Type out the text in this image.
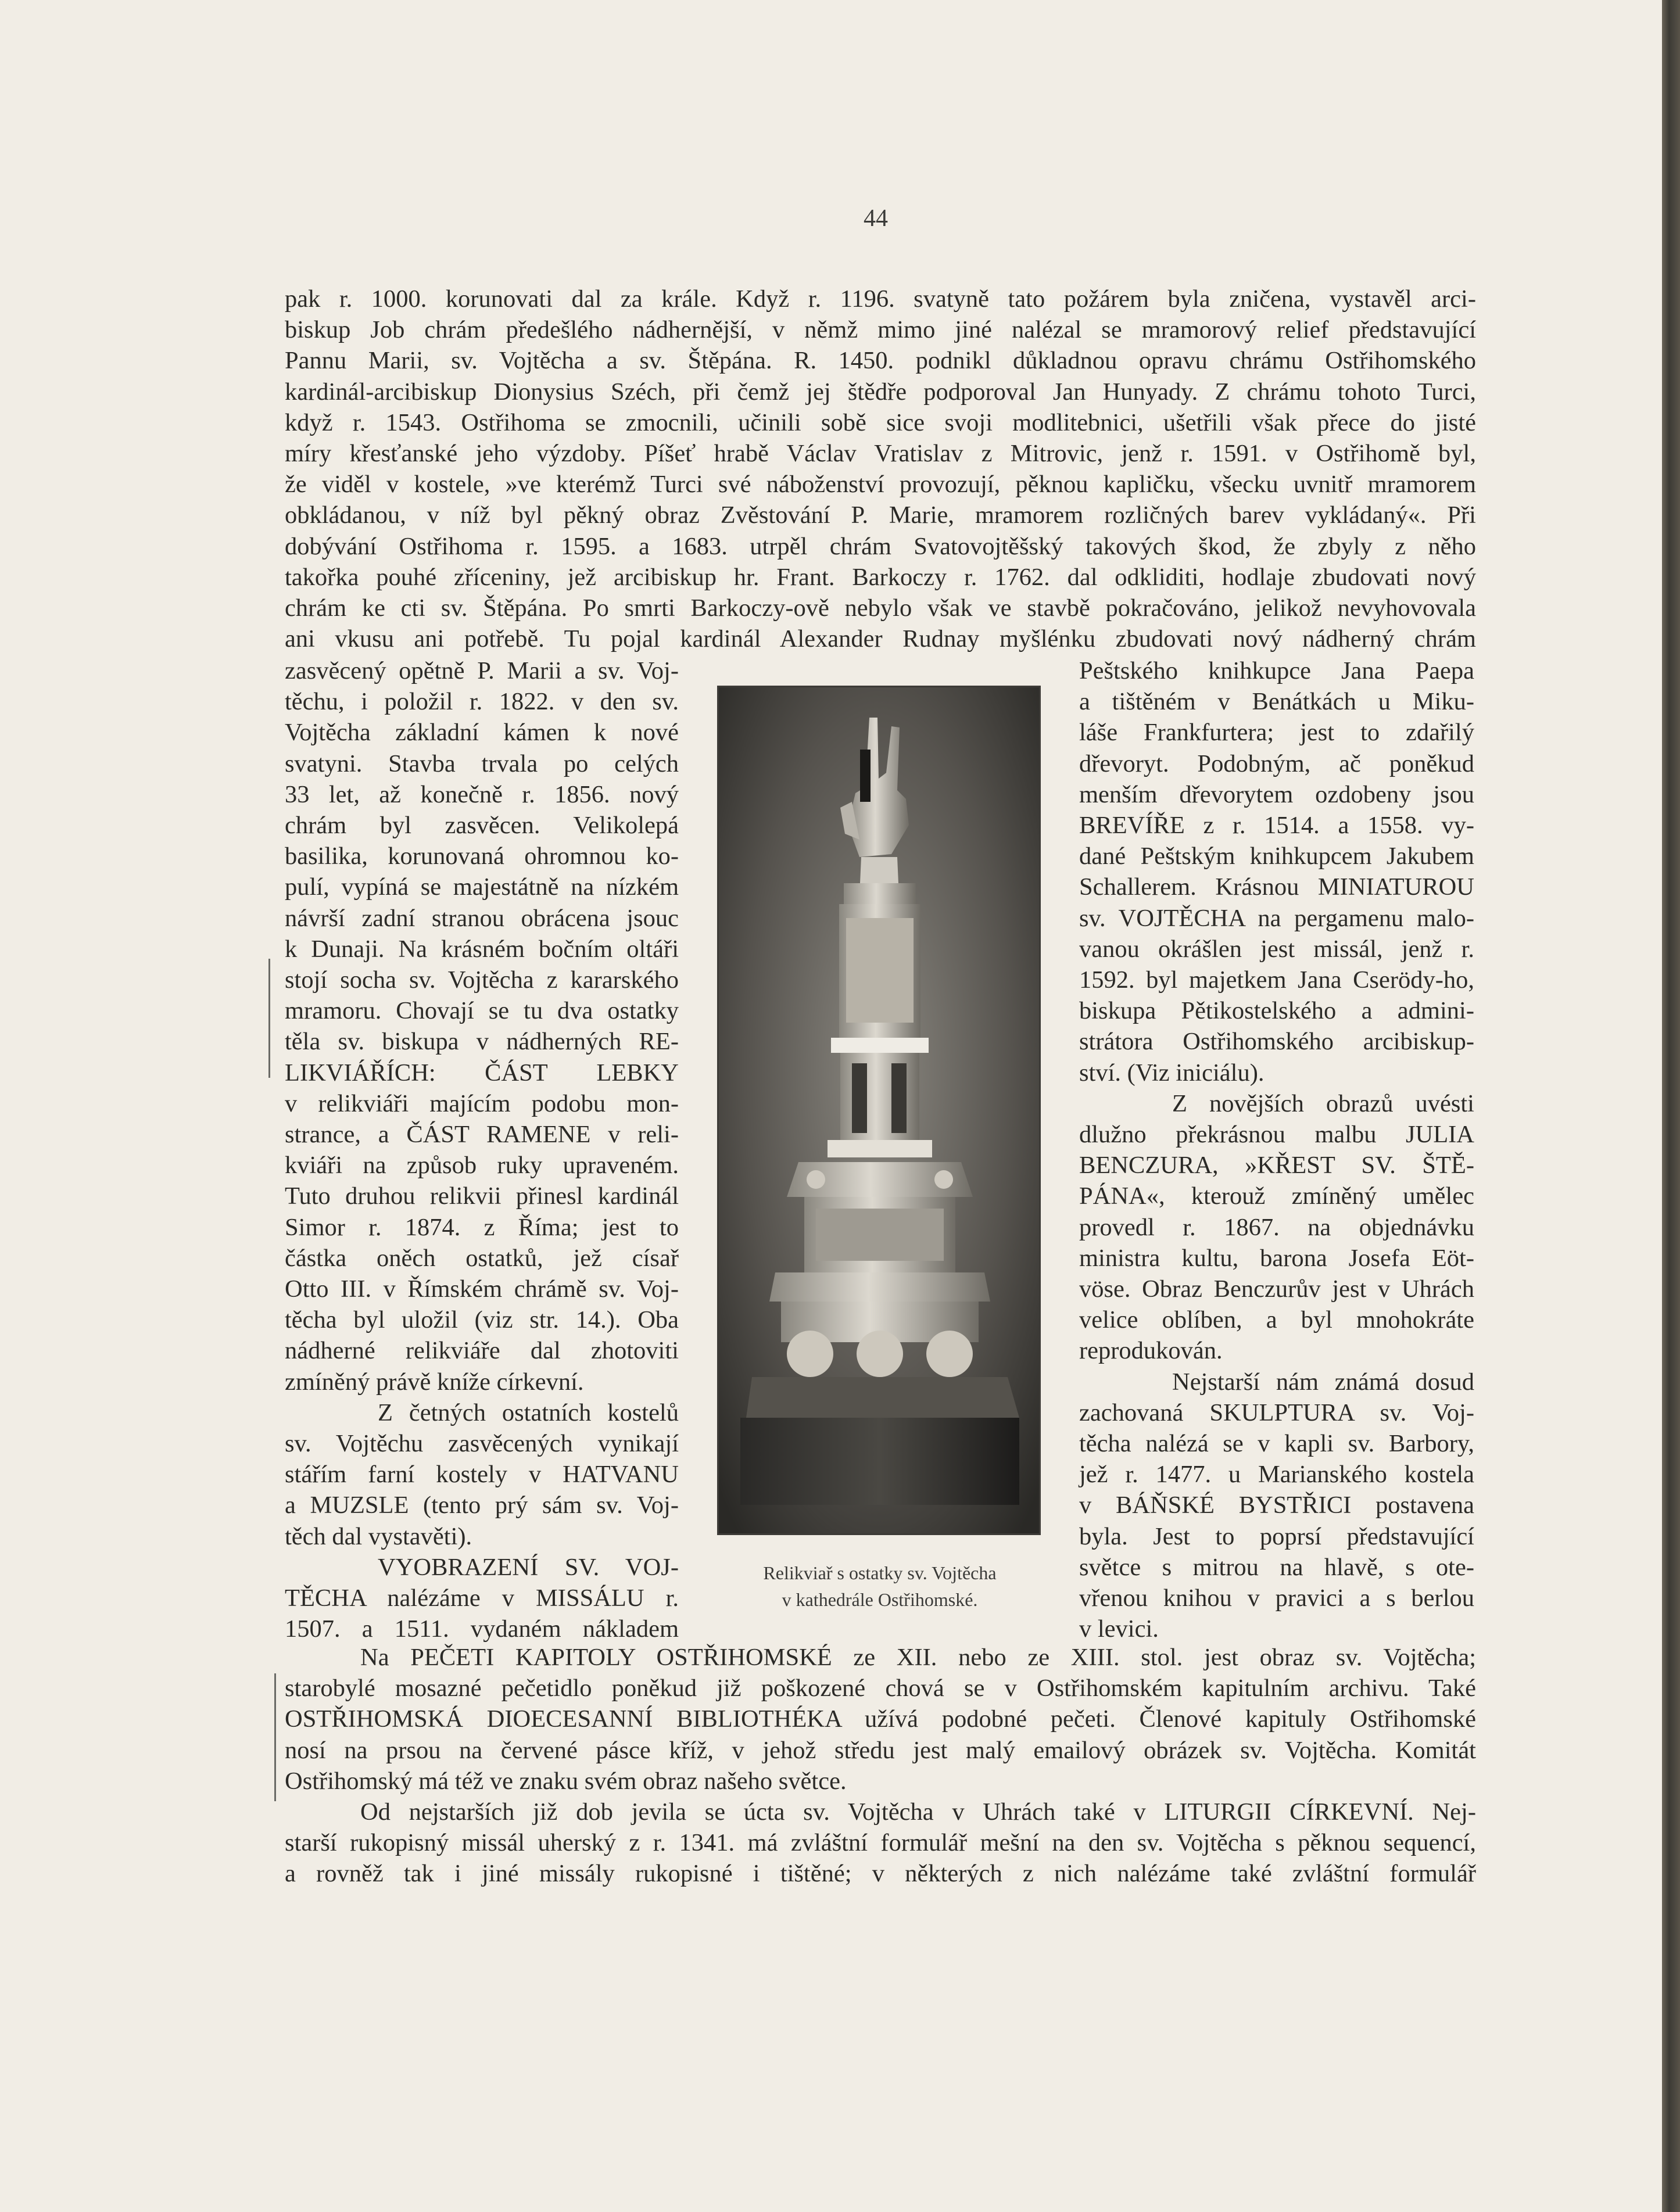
44
pak r. 1000. korunovati dal za krále. Když r. 1196. svatyně tato požárem byla zničena, vystavěl arci-
biskup Job chrám předešlého nádhernější, v němž mimo jiné nalézal se mramorový relief představující
Pannu Marii, sv. Vojtěcha a sv. Štěpána. R. 1450. podnikl důkladnou opravu chrámu Ostřihomského
kardinál-arcibiskup Dionysius Széch, při čemž jej štědře podporoval Jan Hunyady. Z chrámu tohoto Turci,
když r. 1543. Ostřihoma se zmocnili, učinili sobě sice svoji modlitebnici, ušetřili však přece do jisté
míry křesťanské jeho výzdoby. Píšeť hrabě Václav Vratislav z Mitrovic, jenž r. 1591. v Ostřihomě byl,
že viděl v kostele, »ve kterémž Turci své náboženství provozují, pěknou kapličku, všecku uvnitř mramorem
obkládanou, v níž byl pěkný obraz Zvěstování P. Marie, mramorem rozličných barev vykládaný«. Při
dobývání Ostřihoma r. 1595. a 1683. utrpěl chrám Svatovojtěšský takových škod, že zbyly z něho
takořka pouhé zříceniny, jež arcibiskup hr. Frant. Barkoczy r. 1762. dal odkliditi, hodlaje zbudovati nový
chrám ke cti sv. Štěpána. Po smrti Barkoczy-ově nebylo však ve stavbě pokračováno, jelikož nevyhovovala
ani vkusu ani potřebě. Tu pojal kardinál Alexander Rudnay myšlénku zbudovati nový nádherný chrám
zasvěcený opětně P. Marii a sv. Voj-
těchu, i položil r. 1822. v den sv.
Vojtěcha základní kámen k nové
svatyni. Stavba trvala po celých
33 let, až konečně r. 1856. nový
chrám byl zasvěcen. Velikolepá
basilika, korunovaná ohromnou ko-
pulí, vypíná se majestátně na nízkém
návrší zadní stranou obrácena jsouc
k Dunaji. Na krásném bočním oltáři
stojí socha sv. Vojtěcha z kararského
mramoru. Chovají se tu dva ostatky
těla sv. biskupa v nádherných RE-
LIKVIÁŘÍCH: ČÁST LEBKY
v relikviáři majícím podobu mon-
strance, a ČÁST RAMENE v reli-
kviáři na způsob ruky upraveném.
Tuto druhou relikvii přinesl kardinál
Simor r. 1874. z Říma; jest to
částka oněch ostatků, jež císař
Otto III. v Římském chrámě sv. Voj-
těcha byl uložil (viz str. 14.). Oba
nádherné relikviáře dal zhotoviti
zmíněný právě kníže církevní.
Z četných ostatních kostelů
sv. Vojtěchu zasvěcených vynikají
stářím farní kostely v HATVANU
a MUZSLE (tento prý sám sv. Voj-
těch dal vystavěti).
VYOBRAZENÍ SV. VOJ-
TĚCHA nalézáme v MISSÁLU r.
1507. a 1511. vydaném nákladem
Relikviař s ostatky sv. Vojtěcha
v kathedrále Ostřihomské.
Peštského knihkupce Jana Paepa
a tištěném v Benátkách u Miku-
láše Frankfurtera; jest to zdařilý
dřevoryt. Podobným, ač poněkud
menším dřevorytem ozdobeny jsou
BREVÍŘE z r. 1514. a 1558. vy-
dané Peštským knihkupcem Jakubem
Schallerem. Krásnou MINIATUROU
sv. VOJTĚCHA na pergamenu malo-
vanou okrášlen jest missál, jenž r.
1592. byl majetkem Jana Cserödy-ho,
biskupa Pětikostelského a admini-
strátora Ostřihomského arcibiskup-
ství. (Viz iniciálu).
Z novějších obrazů uvésti
dlužno překrásnou malbu JULIA
BENCZURA, »KŘEST SV. ŠTĚ-
PÁNA«, kterouž zmíněný umělec
provedl r. 1867. na objednávku
ministra kultu, barona Josefa Eöt-
vöse. Obraz Benczurův jest v Uhrách
velice oblíben, a byl mnohokráte
reprodukován.
Nejstarší nám známá dosud
zachovaná SKULPTURA sv. Voj-
těcha nalézá se v kapli sv. Barbory,
jež r. 1477. u Marianského kostela
v BÁŇSKÉ BYSTŘICI postavena
byla. Jest to poprsí představující
světce s mitrou na hlavě, s ote-
vřenou knihou v pravici a s berlou
v levici.
Na PEČETI KAPITOLY OSTŘIHOMSKÉ ze XII. nebo ze XIII. stol. jest obraz sv. Vojtěcha;
starobylé mosazné pečetidlo poněkud již poškozené chová se v Ostřihomském kapitulním archivu. Také
OSTŘIHOMSKÁ DIOECESANNÍ BIBLIOTHÉKA užívá podobné pečeti. Členové kapituly Ostřihomské
nosí na prsou na červené pásce kříž, v jehož středu jest malý emailový obrázek sv. Vojtěcha. Komitát
Ostřihomský má též ve znaku svém obraz našeho světce.
Od nejstarších již dob jevila se úcta sv. Vojtěcha v Uhrách také v LITURGII CÍRKEVNÍ. Nej-
starší rukopisný missál uherský z r. 1341. má zvláštní formulář mešní na den sv. Vojtěcha s pěknou sequencí,
a rovněž tak i jiné missály rukopisné i tištěné; v některých z nich nalézáme také zvláštní formulář
